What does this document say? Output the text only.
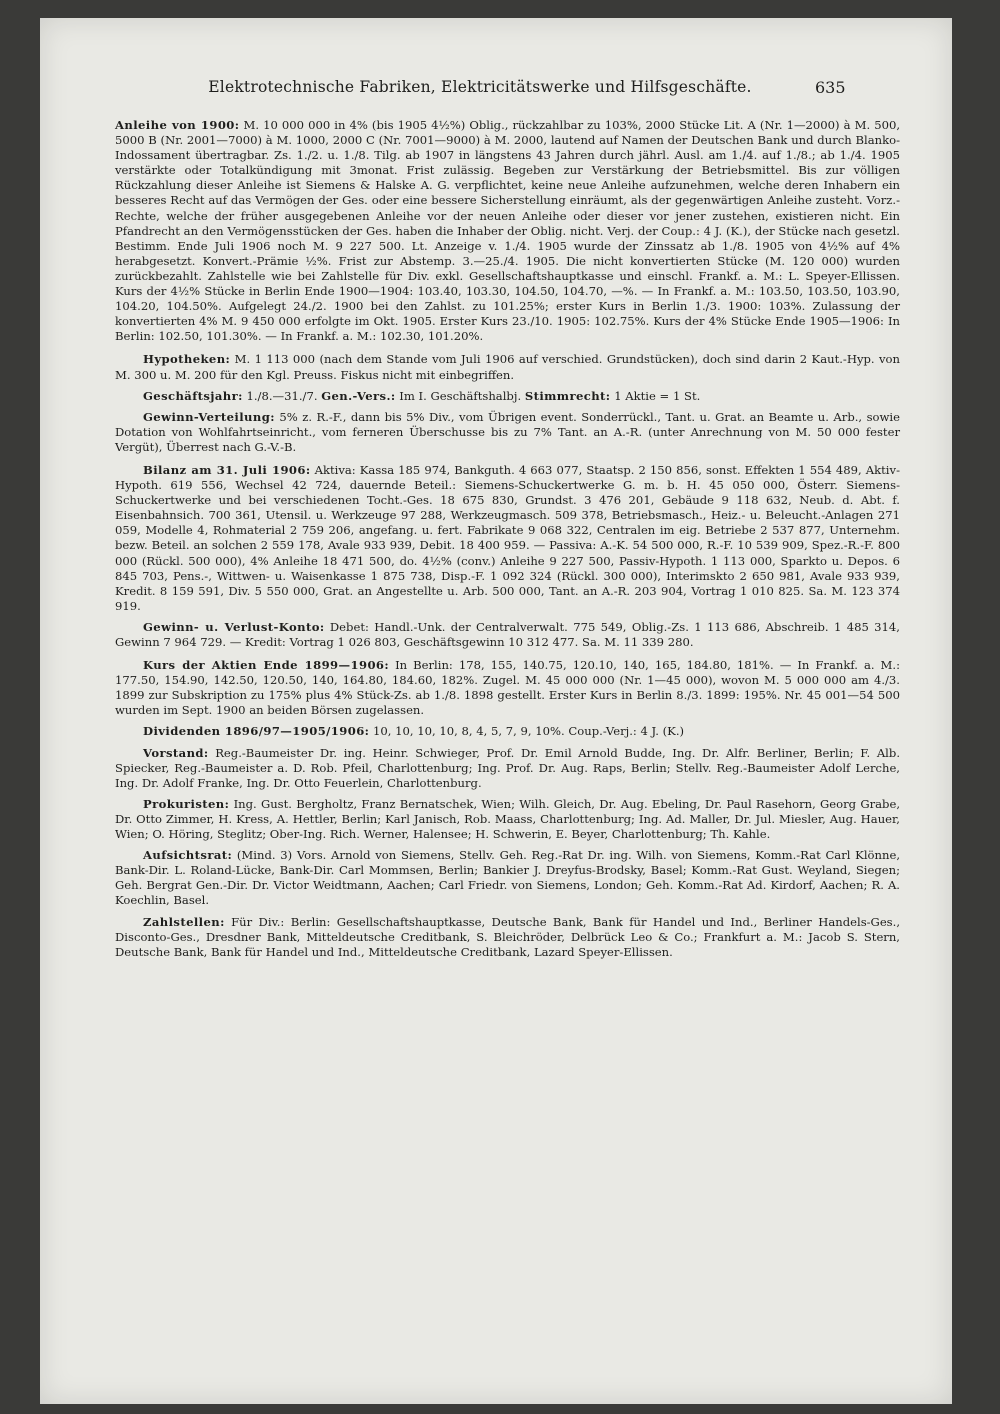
Elektrotechnische Fabriken, Elektricitätswerke und Hilfsgeschäfte.	635

Anleihe von 1900: M. 10 000 000 in 4% (bis 1905 4½%) Oblig., rückzahlbar zu 103%, 2000 Stücke Lit. A (Nr. 1—2000) à M. 500, 5000 B (Nr. 2001—7000) à M. 1000, 2000 C (Nr. 7001—9000) à M. 2000, lautend auf Namen der Deutschen Bank und durch Blanko-Indossament übertragbar. Zs. 1./2. u. 1./8. Tilg. ab 1907 in längstens 43 Jahren durch jährl. Ausl. am 1./4. auf 1./8.; ab 1./4. 1905 verstärkte oder Totalkündigung mit 3monat. Frist zulässig. Begeben zur Verstärkung der Betriebsmittel. Bis zur völligen Rückzahlung dieser Anleihe ist Siemens & Halske A. G. verpflichtet, keine neue Anleihe aufzunehmen, welche deren Inhabern ein besseres Recht auf das Vermögen der Ges. oder eine bessere Sicherstellung einräumt, als der gegenwärtigen Anleihe zusteht. Vorz.-Rechte, welche der früher ausgegebenen Anleihe vor der neuen Anleihe oder dieser vor jener zustehen, existieren nicht. Ein Pfandrecht an den Vermögensstücken der Ges. haben die Inhaber der Oblig. nicht. Verj. der Coup.: 4 J. (K.), der Stücke nach gesetzl. Bestimm. Ende Juli 1906 noch M. 9 227 500. Lt. Anzeige v. 1./4. 1905 wurde der Zinssatz ab 1./8. 1905 von 4½% auf 4% herabgesetzt. Konvert.-Prämie ½%. Frist zur Abstemp. 3.—25./4. 1905. Die nicht konvertierten Stücke (M. 120 000) wurden zurückbezahlt. Zahlstelle wie bei Zahlstelle für Div. exkl. Gesellschaftshauptkasse und einschl. Frankf. a. M.: L. Speyer-Ellissen. Kurs der 4½% Stücke in Berlin Ende 1900—1904: 103.40, 103.30, 104.50, 104.70, —%. — In Frankf. a. M.: 103.50, 103.50, 103.90, 104.20, 104.50%. Aufgelegt 24./2. 1900 bei den Zahlst. zu 101.25%; erster Kurs in Berlin 1./3. 1900: 103%. Zulassung der konvertierten 4% M. 9 450 000 erfolgte im Okt. 1905. Erster Kurs 23./10. 1905: 102.75%. Kurs der 4% Stücke Ende 1905—1906: In Berlin: 102.50, 101.30%. — In Frankf. a. M.: 102.30, 101.20%.

Hypotheken: M. 1 113 000 (nach dem Stande vom Juli 1906 auf verschied. Grundstücken), doch sind darin 2 Kaut.-Hyp. von M. 300 u. M. 200 für den Kgl. Preuss. Fiskus nicht mit einbegriffen.

Geschäftsjahr: 1./8.—31./7. Gen.-Vers.: Im I. Geschäftshalbj. Stimmrecht: 1 Aktie = 1 St.

Gewinn-Verteilung: 5% z. R.-F., dann bis 5% Div., vom Übrigen event. Sonderrückl., Tant. u. Grat. an Beamte u. Arb., sowie Dotation von Wohlfahrtseinricht., vom ferneren Überschusse bis zu 7% Tant. an A.-R. (unter Anrechnung von M. 50 000 fester Vergüt), Überrest nach G.-V.-B.

Bilanz am 31. Juli 1906: Aktiva: Kassa 185 974, Bankguth. 4 663 077, Staatsp. 2 150 856, sonst. Effekten 1 554 489, Aktiv-Hypoth. 619 556, Wechsel 42 724, dauernde Beteil.: Siemens-Schuckertwerke G. m. b. H. 45 050 000, Österr. Siemens-Schuckertwerke und bei verschiedenen Tocht.-Ges. 18 675 830, Grundst. 3 476 201, Gebäude 9 118 632, Neub. d. Abt. f. Eisenbahnsich. 700 361, Utensil. u. Werkzeuge 97 288, Werkzeugmasch. 509 378, Betriebsmasch., Heiz.- u. Beleucht.-Anlagen 271 059, Modelle 4, Rohmaterial 2 759 206, angefang. u. fert. Fabrikate 9 068 322, Centralen im eig. Betriebe 2 537 877, Unternehm. bezw. Beteil. an solchen 2 559 178, Avale 933 939, Debit. 18 400 959. — Passiva: A.-K. 54 500 000, R.-F. 10 539 909, Spez.-R.-F. 800 000 (Rückl. 500 000), 4% Anleihe 18 471 500, do. 4½% (conv.) Anleihe 9 227 500, Passiv-Hypoth. 1 113 000, Sparkto u. Depos. 6 845 703, Pens.-, Wittwen- u. Waisenkasse 1 875 738, Disp.-F. 1 092 324 (Rückl. 300 000), Interimskto 2 650 981, Avale 933 939, Kredit. 8 159 591, Div. 5 550 000, Grat. an Angestellte u. Arb. 500 000, Tant. an A.-R. 203 904, Vortrag 1 010 825. Sa. M. 123 374 919.

Gewinn- u. Verlust-Konto: Debet: Handl.-Unk. der Centralverwalt. 775 549, Oblig.-Zs. 1 113 686, Abschreib. 1 485 314, Gewinn 7 964 729. — Kredit: Vortrag 1 026 803, Geschäftsgewinn 10 312 477. Sa. M. 11 339 280.

Kurs der Aktien Ende 1899—1906: In Berlin: 178, 155, 140.75, 120.10, 140, 165, 184.80, 181%. — In Frankf. a. M.: 177.50, 154.90, 142.50, 120.50, 140, 164.80, 184.60, 182%. Zugel. M. 45 000 000 (Nr. 1—45 000), wovon M. 5 000 000 am 4./3. 1899 zur Subskription zu 175% plus 4% Stück-Zs. ab 1./8. 1898 gestellt. Erster Kurs in Berlin 8./3. 1899: 195%. Nr. 45 001—54 500 wurden im Sept. 1900 an beiden Börsen zugelassen.

Dividenden 1896/97—1905/1906: 10, 10, 10, 10, 8, 4, 5, 7, 9, 10%. Coup.-Verj.: 4 J. (K.)

Vorstand: Reg.-Baumeister Dr. ing. Heinr. Schwieger, Prof. Dr. Emil Arnold Budde, Ing. Dr. Alfr. Berliner, Berlin; F. Alb. Spiecker, Reg.-Baumeister a. D. Rob. Pfeil, Charlottenburg; Ing. Prof. Dr. Aug. Raps, Berlin; Stellv. Reg.-Baumeister Adolf Lerche, Ing. Dr. Adolf Franke, Ing. Dr. Otto Feuerlein, Charlottenburg.

Prokuristen: Ing. Gust. Bergholtz, Franz Bernatschek, Wien; Wilh. Gleich, Dr. Aug. Ebeling, Dr. Paul Rasehorn, Georg Grabe, Dr. Otto Zimmer, H. Kress, A. Hettler, Berlin; Karl Janisch, Rob. Maass, Charlottenburg; Ing. Ad. Maller, Dr. Jul. Miesler, Aug. Hauer, Wien; O. Höring, Steglitz; Ober-Ing. Rich. Werner, Halensee; H. Schwerin, E. Beyer, Charlottenburg; Th. Kahle.

Aufsichtsrat: (Mind. 3) Vors. Arnold von Siemens, Stellv. Geh. Reg.-Rat Dr. ing. Wilh. von Siemens, Komm.-Rat Carl Klönne, Bank-Dir. L. Roland-Lücke, Bank-Dir. Carl Mommsen, Berlin; Bankier J. Dreyfus-Brodsky, Basel; Komm.-Rat Gust. Weyland, Siegen; Geh. Bergrat Gen.-Dir. Dr. Victor Weidtmann, Aachen; Carl Friedr. von Siemens, London; Geh. Komm.-Rat Ad. Kirdorf, Aachen; R. A. Koechlin, Basel.

Zahlstellen: Für Div.: Berlin: Gesellschaftshauptkasse, Deutsche Bank, Bank für Handel und Ind., Berliner Handels-Ges., Disconto-Ges., Dresdner Bank, Mitteldeutsche Creditbank, S. Bleichröder, Delbrück Leo & Co.; Frankfurt a. M.: Jacob S. Stern, Deutsche Bank, Bank für Handel und Ind., Mitteldeutsche Creditbank, Lazard Speyer-Ellissen.
